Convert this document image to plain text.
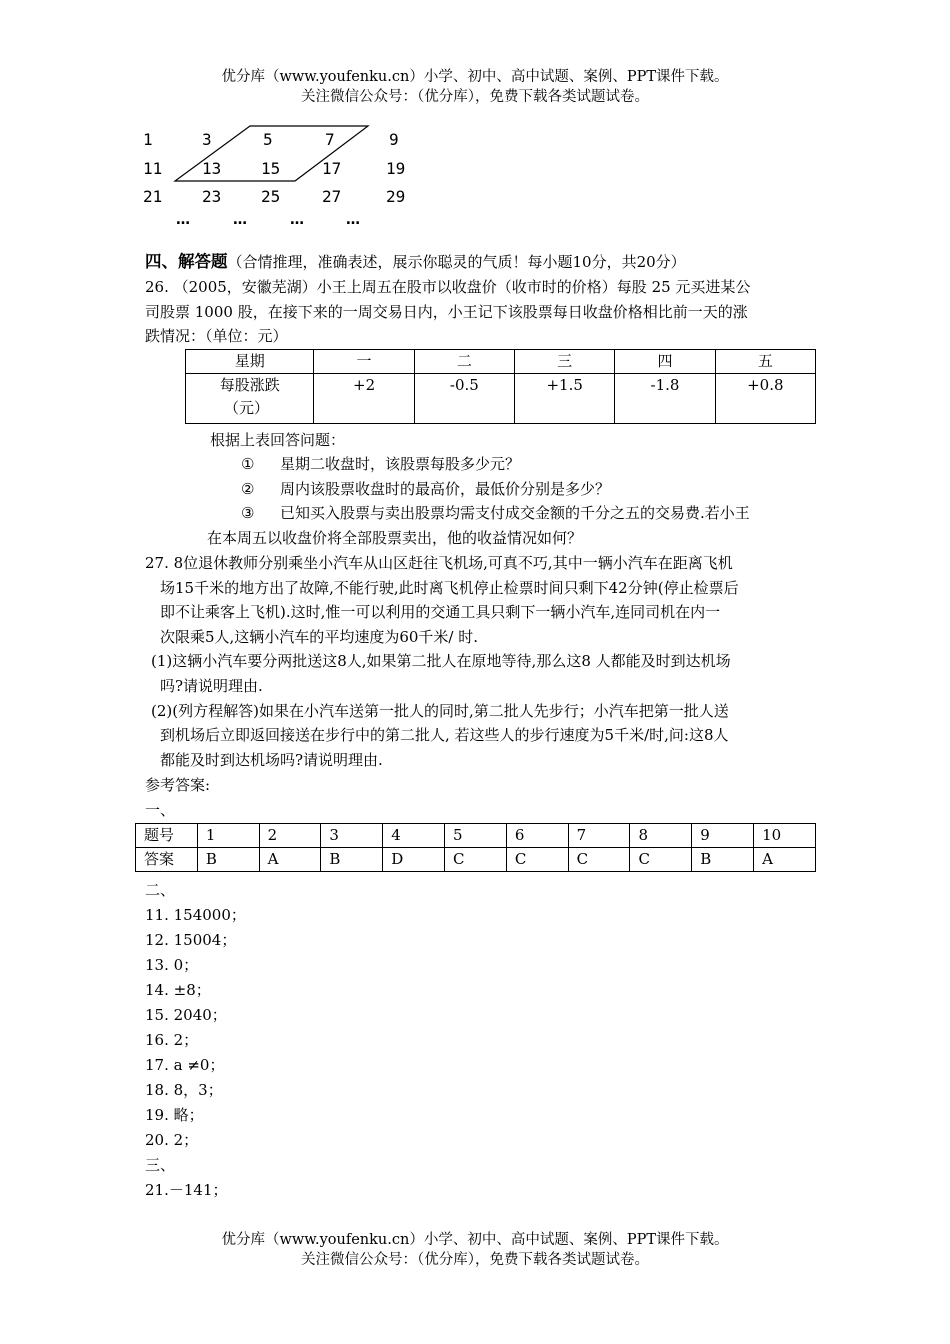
优分库（www.youfenku.cn）小学、初中、高中试题、案例、PPT课件下载。
关注微信公众号：（优分库），免费下载各类试题试卷。
1	3	5	7	9
11 13 15	17	19
21 23 25	27	29
…	…	…	…
四、解答题（合情推理，准确表述，展示你聪灵的气质！每小题10分，共20分）
26. （2005，安徽芜湖）小王上周五在股市以收盘价（收市时的价格）每股 25 元买进某公
司股票 1000 股，在接下来的一周交易日内，小王记下该股票每日收盘价格相比前一天的涨
跌情况：（单位：元）
星期	一	二	三	四	五

每股涨跌
（元）	+2	-0.5	+1.5	-1.8	+0.8
根据上表回答问题：
① 星期二收盘时，该股票每股多少元？
② 周内该股票收盘时的最高价，最低价分别是多少？
③ 已知买入股票与卖出股票均需支付成交金额的千分之五的交易费.若小王
在本周五以收盘价将全部股票卖出，他的收益情况如何？
27. 8位退休教师分别乘坐小汽车从山区赶往飞机场,可真不巧,其中一辆小汽车在距离飞机
场15千米的地方出了故障,不能行驶,此时离飞机停止检票时间只剩下42分钟(停止检票后
即不让乘客上飞机).这时,惟一可以利用的交通工具只剩下一辆小汽车,连同司机在内一
次限乘5人,这辆小汽车的平均速度为60千米/ 时.
(1)这辆小汽车要分两批送这8人,如果第二批人在原地等待,那么这8 人都能及时到达机场
吗?请说明理由.
(2)(列方程解答)如果在小汽车送第一批人的同时,第二批人先步行；小汽车把第一批人送
到机场后立即返回接送在步行中的第二批人, 若这些人的步行速度为5千米/时,问:这8人
都能及时到达机场吗?请说明理由.
参考答案:
一、
题号	1	2	3	4	5	6	7	8	9	10
答案	B	A	B	D	C	C	C	C	B	A
二、
11. 154000；
12. 15004；
13. 0；
14. ±8；
15. 2040；
16. 2；
17. a ≠0；
18. 8，3；
19. 略；
20. 2；
三、
21.－141；
优分库（www.youfenku.cn）小学、初中、高中试题、案例、PPT课件下载。
关注微信公众号：（优分库），免费下载各类试题试卷。
